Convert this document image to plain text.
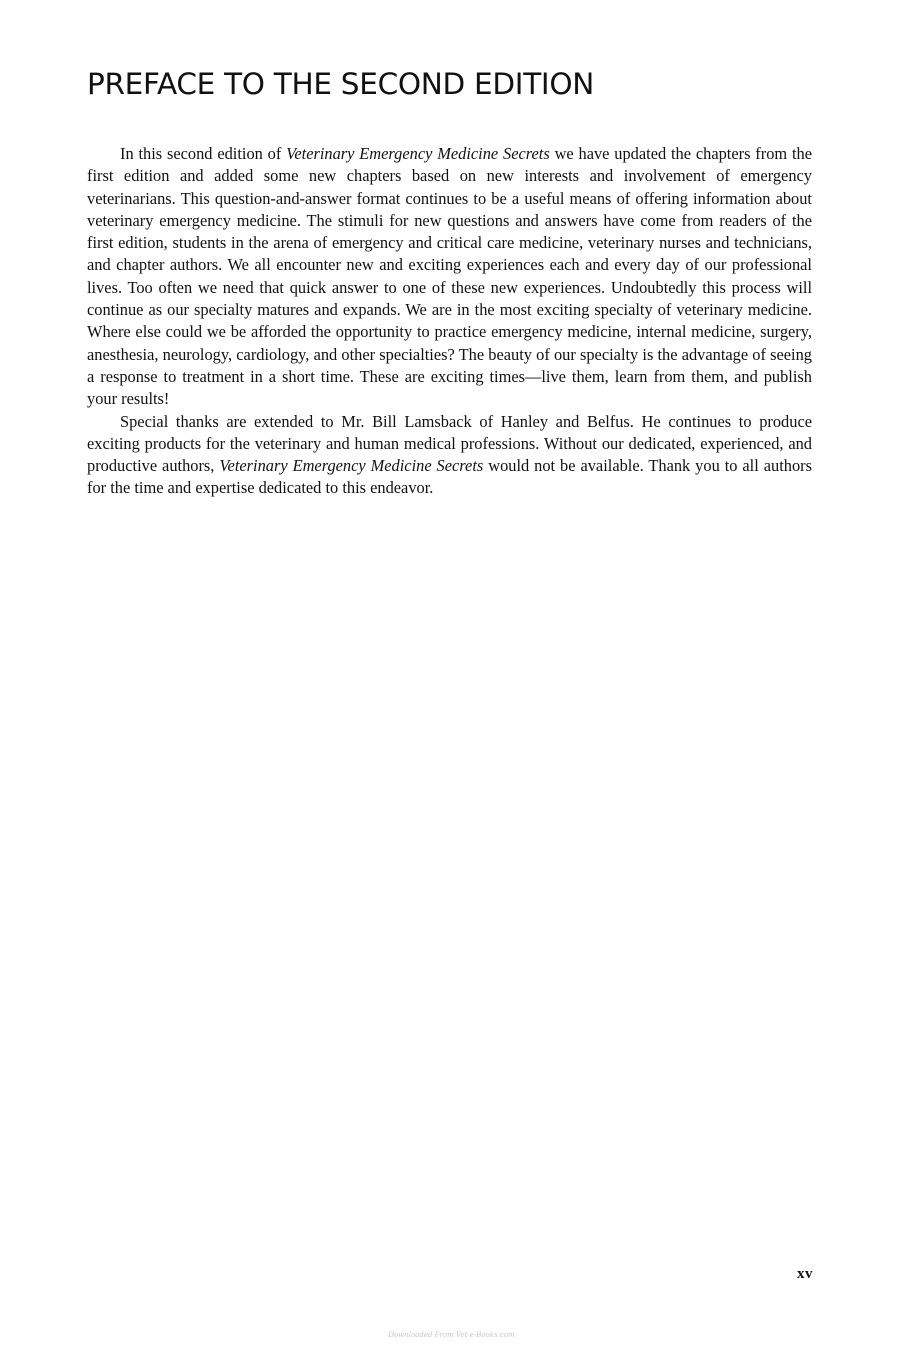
PREFACE TO THE SECOND EDITION

In this second edition of Veterinary Emergency Medicine Secrets we have updated the chapters from the first edition and added some new chapters based on new interests and involvement of emergency veterinarians. This question-and-answer format continues to be a useful means of offering information about veterinary emergency medicine. The stimuli for new questions and answers have come from readers of the first edition, students in the arena of emergency and critical care medicine, veterinary nurses and technicians, and chapter authors. We all encounter new and exciting experiences each and every day of our professional lives. Too often we need that quick answer to one of these new experiences. Undoubtedly this process will continue as our specialty matures and expands. We are in the most exciting specialty of veterinary medicine. Where else could we be afforded the opportunity to practice emergency medicine, internal medicine, surgery, anesthesia, neurology, cardiology, and other specialties? The beauty of our specialty is the advantage of seeing a response to treatment in a short time. These are exciting times—live them, learn from them, and publish your results!

Special thanks are extended to Mr. Bill Lamsback of Hanley and Belfus. He continues to produce exciting products for the veterinary and human medical professions. Without our dedicated, experienced, and productive authors, Veterinary Emergency Medicine Secrets would not be available. Thank you to all authors for the time and expertise dedicated to this endeavor.

xv
Downloaded From Vet-e-Books.com
